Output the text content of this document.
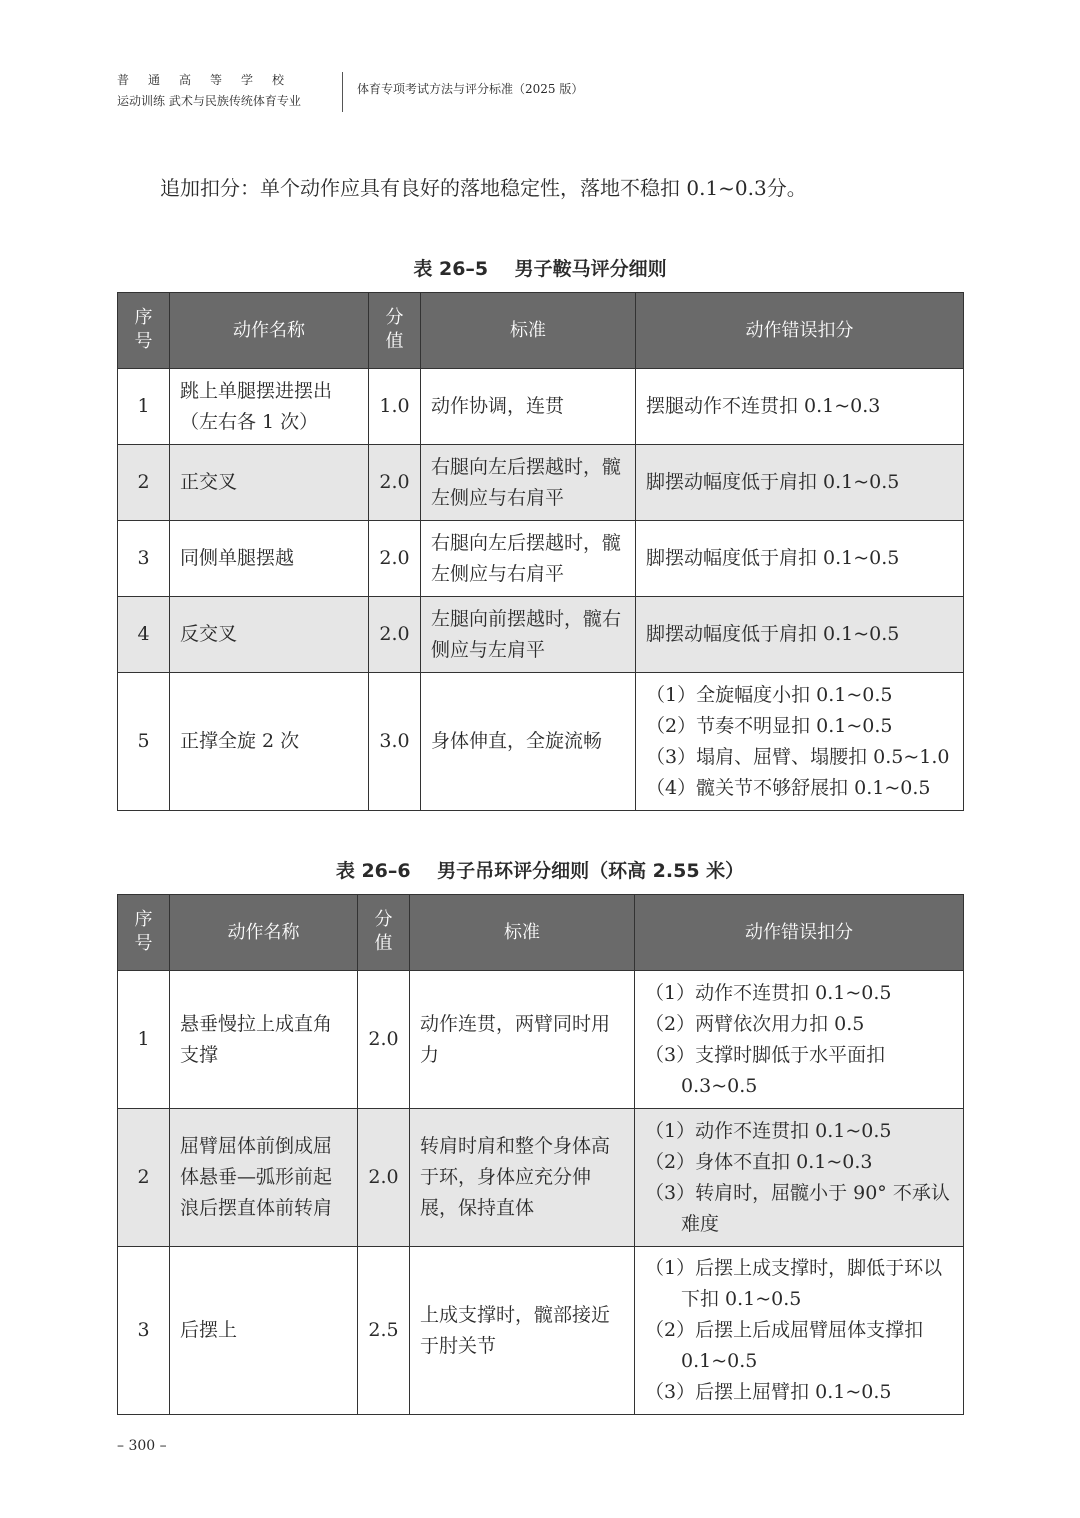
普通高等学校
运动训练 武术与民族传统体育专业
体育专项考试方法与评分标准（2025 版）
追加扣分：单个动作应具有良好的落地稳定性，落地不稳扣 0.1~0.3分。
表 26–5    男子鞍马评分细则
序号	动作名称	分值	标准	动作错误扣分
1	跳上单腿摆进摆出（左右各 1 次）	1.0	动作协调，连贯	摆腿动作不连贯扣 0.1~0.3

2	正交叉	2.0	右腿向左后摆越时，髋左侧应与右肩平	脚摆动幅度低于肩扣 0.1~0.5

3	同侧单腿摆越	2.0	右腿向左后摆越时，髋左侧应与右肩平	脚摆动幅度低于肩扣 0.1~0.5

4	反交叉	2.0	左腿向前摆越时，髋右侧应与左肩平	脚摆动幅度低于肩扣 0.1~0.5

5	正撑全旋 2 次	3.0	身体伸直，全旋流畅	（1）全旋幅度小扣 0.1~0.5
（2）节奏不明显扣 0.1~0.5
（3）塌肩、屈臂、塌腰扣 0.5~1.0
（4）髋关节不够舒展扣 0.1~0.5
表 26–6    男子吊环评分细则（环高 2.55 米）
序号	动作名称	分值	标准	动作错误扣分
1	悬垂慢拉上成直角支撑	2.0	动作连贯，两臂同时用力	（1）动作不连贯扣 0.1~0.5
（2）两臂依次用力扣 0.5
（3）支撑时脚低于水平面扣 0.3~0.5

2	屈臂屈体前倒成屈体悬垂—弧形前起浪后摆直体前转肩	2.0	转肩时肩和整个身体高于环，身体应充分伸展，保持直体	（1）动作不连贯扣 0.1~0.5
（2）身体不直扣 0.1~0.3
（3）转肩时，屈髋小于 90° 不承认难度

3	后摆上	2.5	上成支撑时，髋部接近于肘关节	（1）后摆上成支撑时，脚低于环以下扣 0.1~0.5
（2）后摆上后成屈臂屈体支撑扣 0.1~0.5
（3）后摆上屈臂扣 0.1~0.5
– 300 –
